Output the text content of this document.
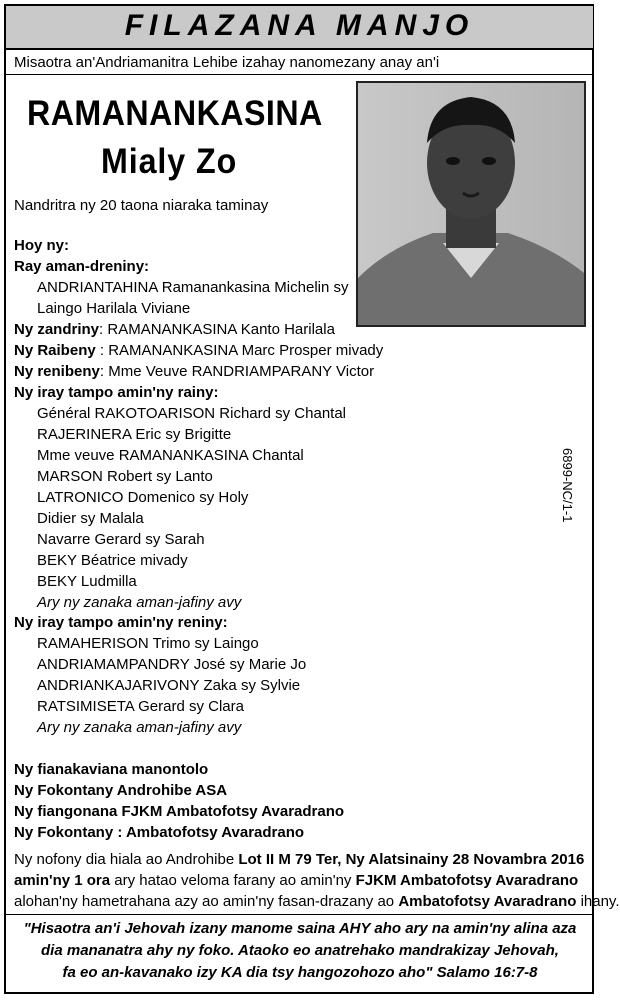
FILAZANA MANJO
Misaotra an'Andriamanitra Lehibe izahay nanomezany anay an'i
RAMANANKASINA
Mialy Zo
Nandritra ny 20 taona niaraka taminay
Hoy ny:
Ray aman-dreniny:
ANDRIANTAHINA Ramanankasina Michelin sy
Laingo Harilala Viviane
Ny zandriny: RAMANANKASINA Kanto Harilala
Ny Raibeny : RAMANANKASINA Marc Prosper mivady
Ny renibeny: Mme Veuve RANDRIAMPARANY Victor
Ny iray tampo amin'ny rainy:
Général RAKOTOARISON Richard sy Chantal
RAJERINERA Eric sy Brigitte
Mme veuve RAMANANKASINA Chantal
MARSON Robert sy Lanto
LATRONICO Domenico sy Holy
Didier sy Malala
Navarre Gerard sy Sarah
BEKY Béatrice mivady
BEKY Ludmilla
Ary ny zanaka aman-jafiny avy
Ny iray tampo amin'ny reniny:
RAMAHERISON Trimo sy Laingo
ANDRIAMAMPANDRY José sy Marie Jo
ANDRIANKAJARIVONY Zaka sy Sylvie
RATSIMISETA Gerard sy Clara
Ary ny zanaka aman-jafiny avy
Ny fianakaviana manontolo
Ny Fokontany Androhibe ASA
Ny fiangonana FJKM Ambatofotsy Avaradrano
Ny Fokontany : Ambatofotsy Avaradrano
Ny nofony dia hiala ao Androhibe Lot II M 79 Ter, Ny Alatsinainy 28 Novambra 2016
amin'ny 1 ora ary hatao veloma farany ao amin'ny FJKM Ambatofotsy Avaradrano
alohan'ny hametrahana azy ao amin'ny fasan-drazany ao Ambatofotsy Avaradrano ihany.
"Hisaotra an'i Jehovah izany manome saina AHY aho ary na amin'ny alina aza
dia mananatra ahy ny foko. Ataoko eo anatrehako mandrakizay Jehovah,
fa eo an-kavanako izy KA dia tsy hangozohozo aho" Salamo 16:7-8
6899-NC/1-1
